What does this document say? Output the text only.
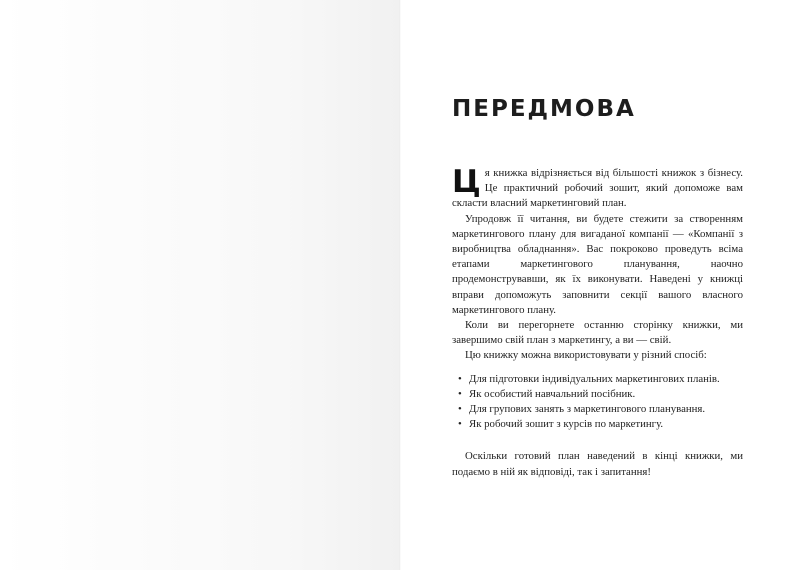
ПЕРЕДМОВА

Ця книжка відрізняється від більшості книжок з бізнесу. Це практичний робочий зошит, який допоможе вам скласти власний маркетинговий план.

Упродовж її читання, ви будете стежити за створенням маркетингового плану для вигаданої компанії — «Компанії з виробництва обладнання». Вас покроково проведуть всіма етапами маркетингового планування, наочно продемонструвавши, як їх виконувати. Наведені у книжці вправи допоможуть заповнити секції вашого власного маркетингового плану.

Коли ви перегорнете останню сторінку книжки, ми завершимо свій план з маркетингу, а ви — свій.

Цю книжку можна використовувати у різний спосіб:

• Для підготовки індивідуальних маркетингових планів.
• Як особистий навчальний посібник.
• Для групових занять з маркетингового планування.
• Як робочий зошит з курсів по маркетингу.

Оскільки готовий план наведений в кінці книжки, ми подаємо в ній як відповіді, так і запитання!
